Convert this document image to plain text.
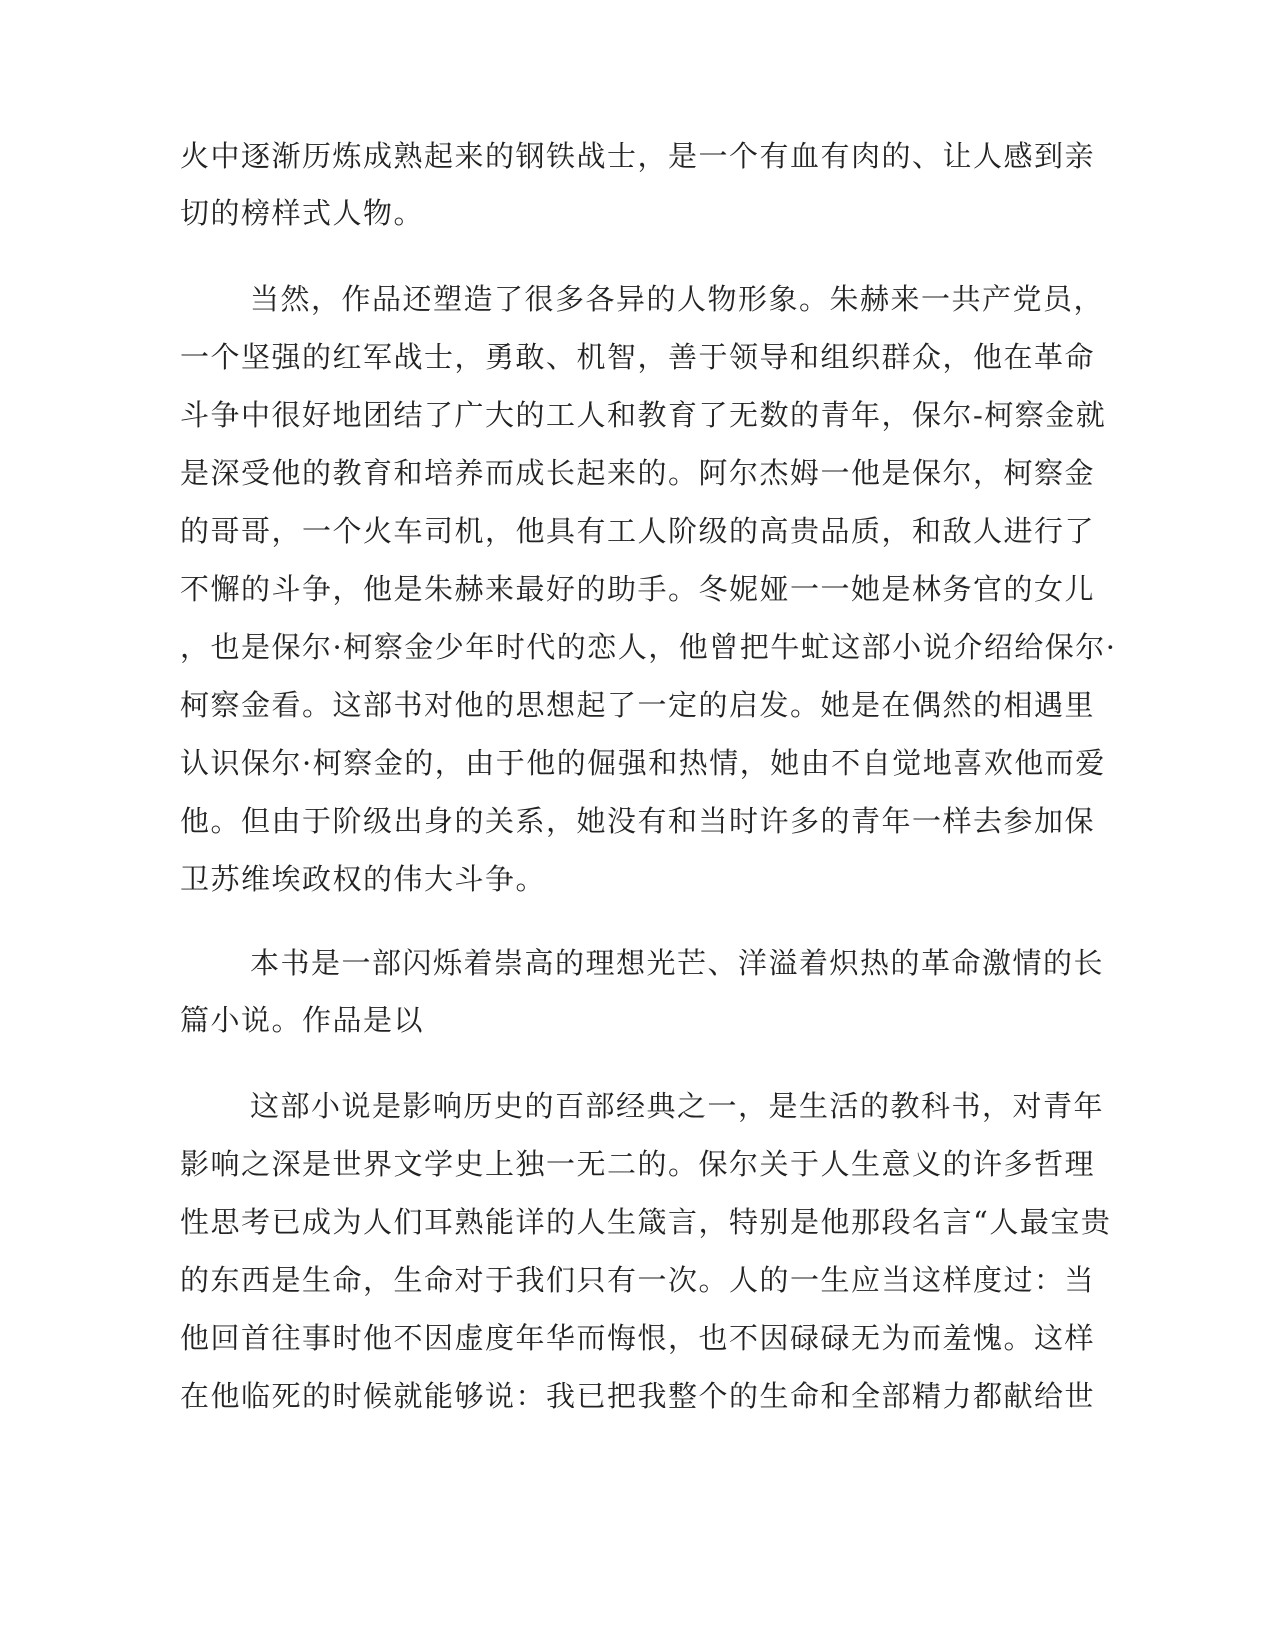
火中逐渐历炼成熟起来的钢铁战士，是一个有血有肉的、让人感到亲
切的榜样式人物。
当然，作品还塑造了很多各异的人物形象。朱赫来一共产党员，
一个坚强的红军战士，勇敢、机智，善于领导和组织群众，他在革命
斗争中很好地团结了广大的工人和教育了无数的青年，保尔-柯察金就
是深受他的教育和培养而成长起来的。阿尔杰姆一他是保尔，柯察金
的哥哥，一个火车司机，他具有工人阶级的高贵品质，和敌人进行了
不懈的斗争，他是朱赫来最好的助手。冬妮娅一一她是林务官的女儿
，也是保尔·柯察金少年时代的恋人，他曾把牛虻这部小说介绍给保尔·
柯察金看。这部书对他的思想起了一定的启发。她是在偶然的相遇里
认识保尔·柯察金的，由于他的倔强和热情，她由不自觉地喜欢他而爱
他。但由于阶级出身的关系，她没有和当时许多的青年一样去参加保
卫苏维埃政权的伟大斗争。
本书是一部闪烁着崇高的理想光芒、洋溢着炽热的革命激情的长
篇小说。作品是以
这部小说是影响历史的百部经典之一，是生活的教科书，对青年
影响之深是世界文学史上独一无二的。保尔关于人生意义的许多哲理
性思考已成为人们耳熟能详的人生箴言，特别是他那段名言“人最宝贵
的东西是生命，生命对于我们只有一次。人的一生应当这样度过：当
他回首往事时他不因虚度年华而悔恨，也不因碌碌无为而羞愧。这样
在他临死的时候就能够说：我已把我整个的生命和全部精力都献给世
